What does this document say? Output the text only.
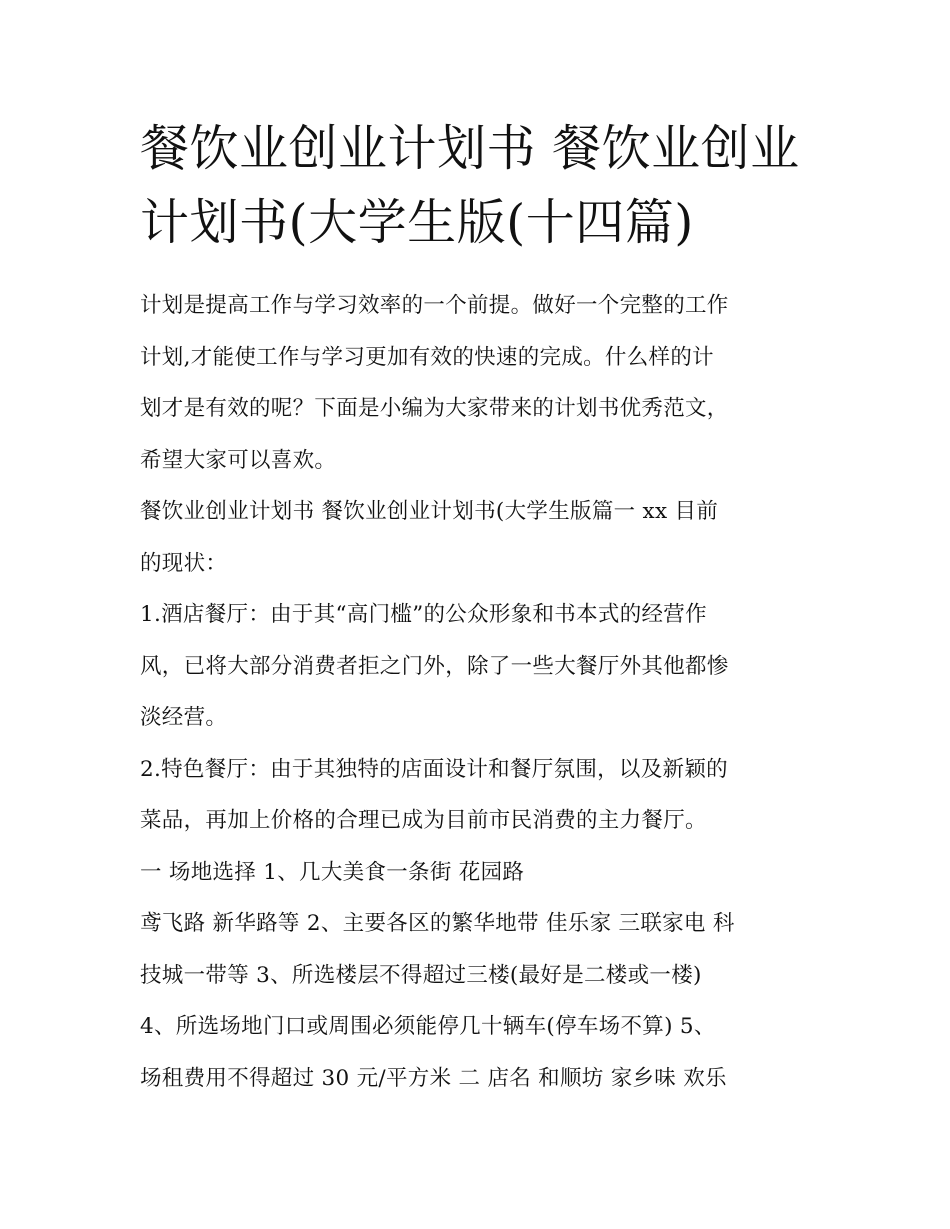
餐饮业创业计划书 餐饮业创业
计划书(大学生版(十四篇)
计划是提高工作与学习效率的一个前提。做好一个完整的工作
计划,才能使工作与学习更加有效的快速的完成。什么样的计
划才是有效的呢？下面是小编为大家带来的计划书优秀范文，
希望大家可以喜欢。
餐饮业创业计划书 餐饮业创业计划书(大学生版篇一 xx 目前
的现状：
1.酒店餐厅：由于其“高门槛”的公众形象和书本式的经营作
风，已将大部分消费者拒之门外，除了一些大餐厅外其他都惨
淡经营。
2.特色餐厅：由于其独特的店面设计和餐厅氛围，以及新颖的
菜品，再加上价格的合理已成为目前市民消费的主力餐厅。
一 场地选择 1、几大美食一条街 花园路
鸢飞路 新华路等 2、主要各区的繁华地带 佳乐家 三联家电 科
技城一带等 3、所选楼层不得超过三楼(最好是二楼或一楼)
4、所选场地门口或周围必须能停几十辆车(停车场不算) 5、
场租费用不得超过 30 元/平方米 二 店名 和顺坊 家乡味 欢乐
